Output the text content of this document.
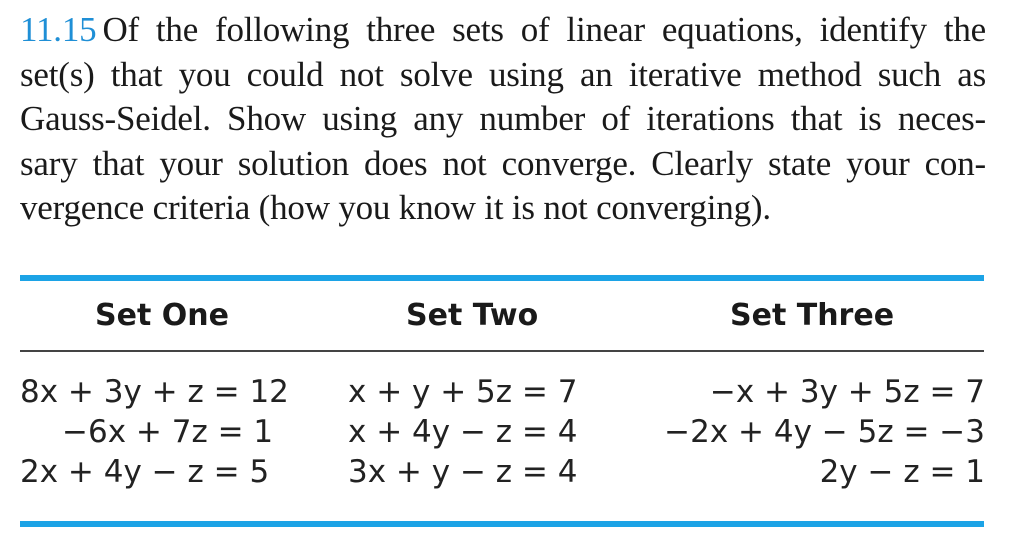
11.15 Of the following three sets of linear equations, identify the
set(s) that you could not solve using an iterative method such as
Gauss-Seidel. Show using any number of iterations that is neces-
sary that your solution does not converge. Clearly state your con-
vergence criteria (how you know it is not converging).
Set One	Set Two	Set Three
8x + 3y + z = 12
−6x + 7z = 1
2x + 4y − z = 5
x + y + 5z = 7
x + 4y − z = 4
3x + y − z = 4
−x + 3y + 5z = 7
−2x + 4y − 5z = −3
2y − z = 1
